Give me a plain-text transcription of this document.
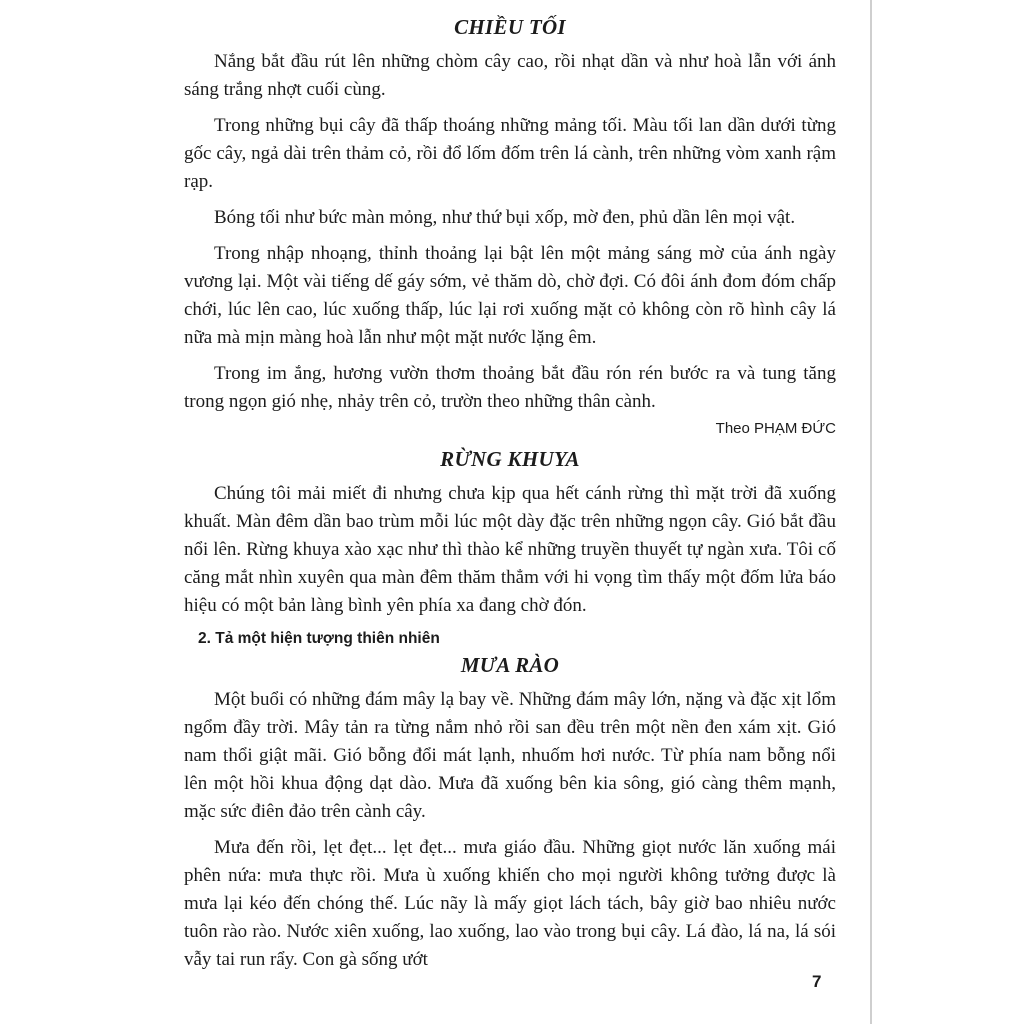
CHIỀU TỐI

Nắng bắt đầu rút lên những chòm cây cao, rồi nhạt dần và như hoà lẫn với ánh sáng trắng nhợt cuối cùng.

Trong những bụi cây đã thấp thoáng những mảng tối. Màu tối lan dần dưới từng gốc cây, ngả dài trên thảm cỏ, rồi đổ lốm đốm trên lá cành, trên những vòm xanh rậm rạp.

Bóng tối như bức màn mỏng, như thứ bụi xốp, mờ đen, phủ dần lên mọi vật.

Trong nhập nhoạng, thỉnh thoảng lại bật lên một mảng sáng mờ của ánh ngày vương lại. Một vài tiếng dế gáy sớm, vẻ thăm dò, chờ đợi. Có đôi ánh đom đóm chấp chới, lúc lên cao, lúc xuống thấp, lúc lại rơi xuống mặt cỏ không còn rõ hình cây lá nữa mà mịn màng hoà lẫn như một mặt nước lặng êm.

Trong im ắng, hương vườn thơm thoảng bắt đầu rón rén bước ra và tung tăng trong ngọn gió nhẹ, nhảy trên cỏ, trườn theo những thân cành.

Theo PHẠM ĐỨC
RỪNG KHUYA

Chúng tôi mải miết đi nhưng chưa kịp qua hết cánh rừng thì mặt trời đã xuống khuất. Màn đêm dần bao trùm mỗi lúc một dày đặc trên những ngọn cây. Gió bắt đầu nổi lên. Rừng khuya xào xạc như thì thào kể những truyền thuyết tự ngàn xưa. Tôi cố căng mắt nhìn xuyên qua màn đêm thăm thẳm với hi vọng tìm thấy một đốm lửa báo hiệu có một bản làng bình yên phía xa đang chờ đón.

2. Tả một hiện tượng thiên nhiên
MƯA RÀO

Một buổi có những đám mây lạ bay về. Những đám mây lớn, nặng và đặc xịt lổm ngổm đầy trời. Mây tản ra từng nắm nhỏ rồi san đều trên một nền đen xám xịt. Gió nam thổi giật mãi. Gió bỗng đổi mát lạnh, nhuốm hơi nước. Từ phía nam bỗng nổi lên một hồi khua động dạt dào. Mưa đã xuống bên kia sông, gió càng thêm mạnh, mặc sức điên đảo trên cành cây.

Mưa đến rồi, lẹt đẹt... lẹt đẹt... mưa giáo đầu. Những giọt nước lăn xuống mái phên nứa: mưa thực rồi. Mưa ù xuống khiến cho mọi người không tưởng được là mưa lại kéo đến chóng thế. Lúc nãy là mấy giọt lách tách, bây giờ bao nhiêu nước tuôn rào rào. Nước xiên xuống, lao xuống, lao vào trong bụi cây. Lá đào, lá na, lá sói vẫy tai run rẩy. Con gà sống ướt

7
